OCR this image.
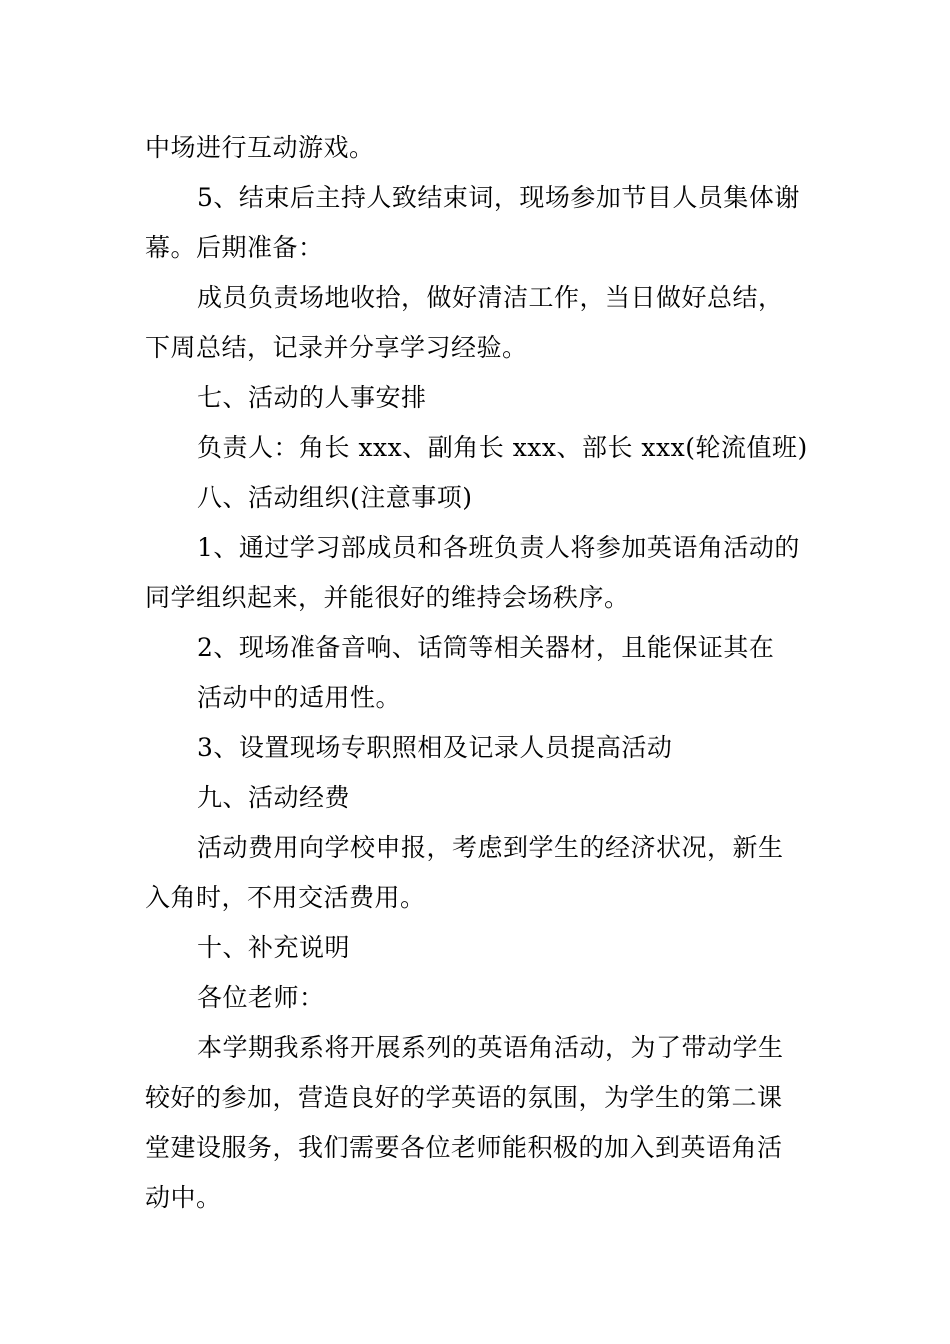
中场进行互动游戏。
5、结束后主持人致结束词，现场参加节目人员集体谢
幕。后期准备：
成员负责场地收拾，做好清洁工作，当日做好总结，
下周总结，记录并分享学习经验。
七、活动的人事安排
负责人：角长 xxx、副角长 xxx、部长 xxx(轮流值班)
八、活动组织(注意事项)
1、通过学习部成员和各班负责人将参加英语角活动的
同学组织起来，并能很好的维持会场秩序。
2、现场准备音响、话筒等相关器材，且能保证其在
活动中的适用性。
3、设置现场专职照相及记录人员提高活动
九、活动经费
活动费用向学校申报，考虑到学生的经济状况，新生
入角时，不用交活费用。
十、补充说明
各位老师：
本学期我系将开展系列的英语角活动，为了带动学生
较好的参加，营造良好的学英语的氛围，为学生的第二课
堂建设服务，我们需要各位老师能积极的加入到英语角活
动中。
